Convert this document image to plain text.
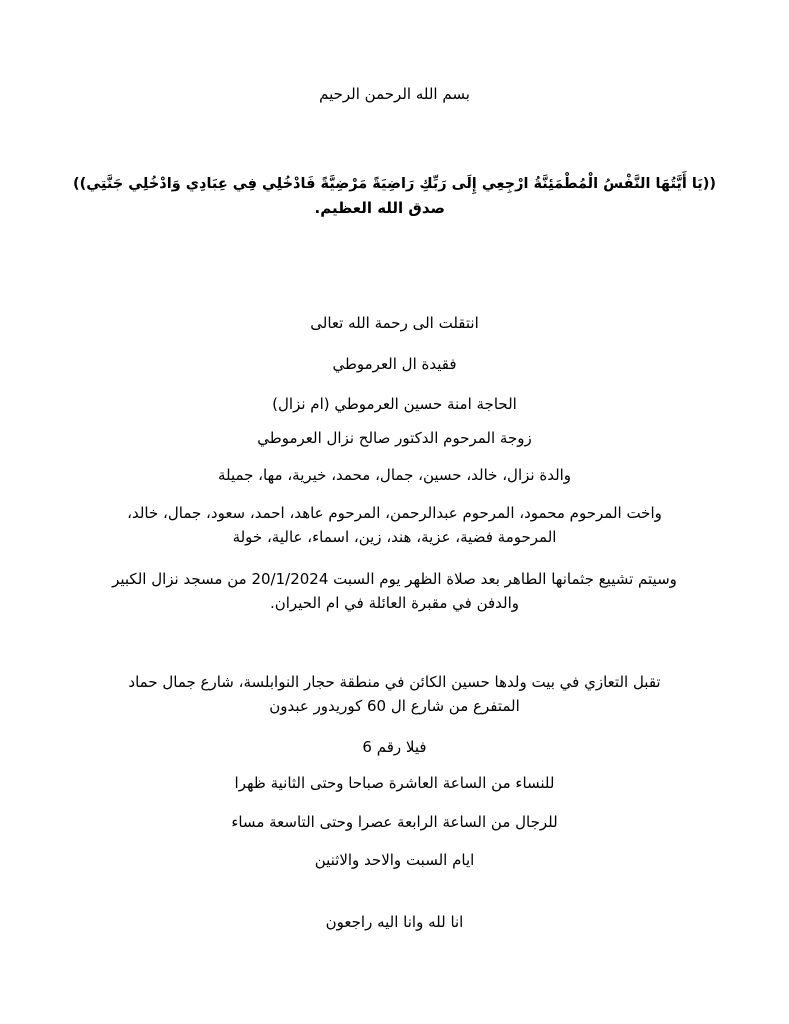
بسم الله الرحمن الرحيم
((يَا أَيَّتُهَا النَّفْسُ الْمُطْمَئِنَّةُ ارْجِعِي إِلَى رَبِّكِ رَاضِيَةً مَرْضِيَّةً فَادْخُلِي فِي عِبَادِي وَادْخُلِي جَنَّتِي))
صدق الله العظيم.
انتقلت الى رحمة الله تعالى
فقيدة ال العرموطي
الحاجة امنة حسين العرموطي (ام نزال)
زوجة المرحوم الدكتور صالح نزال العرموطي
والدة نزال، خالد، حسين، جمال، محمد، خيرية، مها، جميلة
واخت المرحوم محمود، المرحوم عبدالرحمن، المرحوم عاهد، احمد، سعود، جمال، خالد،
المرحومة فضية، عزية، هند، زين، اسماء، عالية، خولة
وسيتم تشييع جثمانها الطاهر بعد صلاة الظهر يوم السبت 20/1/2024 من مسجد نزال الكبير
والدفن في مقبرة العائلة في ام الحيران.
تقبل التعازي في بيت ولدها حسين الكائن في منطقة حجار النوابلسة، شارع جمال حماد
المتفرع من شارع ال 60 كوريدور عبدون
فيلا رقم 6
للنساء من الساعة العاشرة صباحا وحتى الثانية ظهرا
للرجال من الساعة الرابعة عصرا وحتى التاسعة مساء
ايام السبت والاحد والاثنين
انا لله وانا اليه راجعون
